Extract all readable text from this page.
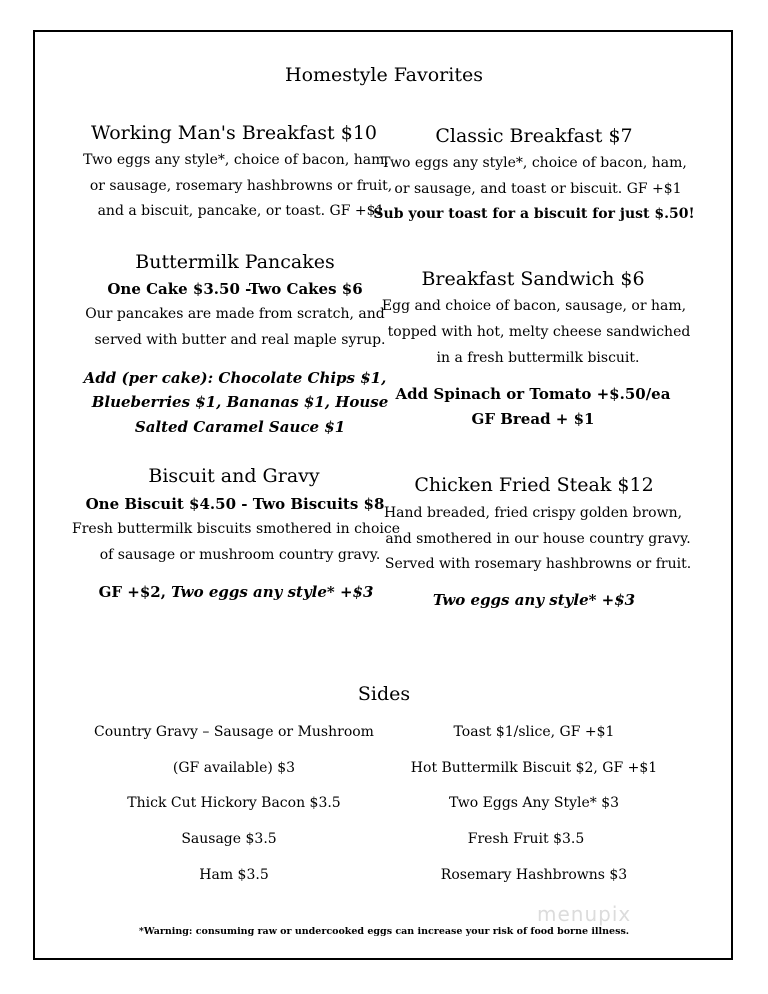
Homestyle Favorites
Working Man's Breakfast $10
Two eggs any style*, choice of bacon, ham,
or sausage, rosemary hashbrowns or fruit,
and a biscuit, pancake, or toast. GF +$1
Buttermilk Pancakes
One Cake $3.50 -Two Cakes $6
Our pancakes are made from scratch, and
served with butter and real maple syrup.
Add (per cake): Chocolate Chips $1,
Blueberries $1, Bananas $1, House
Salted Caramel Sauce $1
Biscuit and Gravy
One Biscuit $4.50 - Two Biscuits $8
Fresh buttermilk biscuits smothered in choice
of sausage or mushroom country gravy.
GF +$2, Two eggs any style* +$3
Classic Breakfast $7
Two eggs any style*, choice of bacon, ham,
or sausage, and toast or biscuit. GF +$1
Sub your toast for a biscuit for just $.50!
Breakfast Sandwich $6
Egg and choice of bacon, sausage, or ham,
topped with hot, melty cheese sandwiched
in a fresh buttermilk biscuit.
Add Spinach or Tomato +$.50/ea
GF Bread + $1
Chicken Fried Steak $12
Hand breaded, fried crispy golden brown,
and smothered in our house country gravy.
Served with rosemary hashbrowns or fruit.
Two eggs any style* +$3
Sides
Country Gravy – Sausage or Mushroom
(GF available) $3
Thick Cut Hickory Bacon $3.5
Sausage $3.5
Ham $3.5
Toast $1/slice, GF +$1
Hot Buttermilk Biscuit $2, GF +$1
Two Eggs Any Style* $3
Fresh Fruit $3.5
Rosemary Hashbrowns $3
*Warning: consuming raw or undercooked eggs can increase your risk of food borne illness.
menupix
